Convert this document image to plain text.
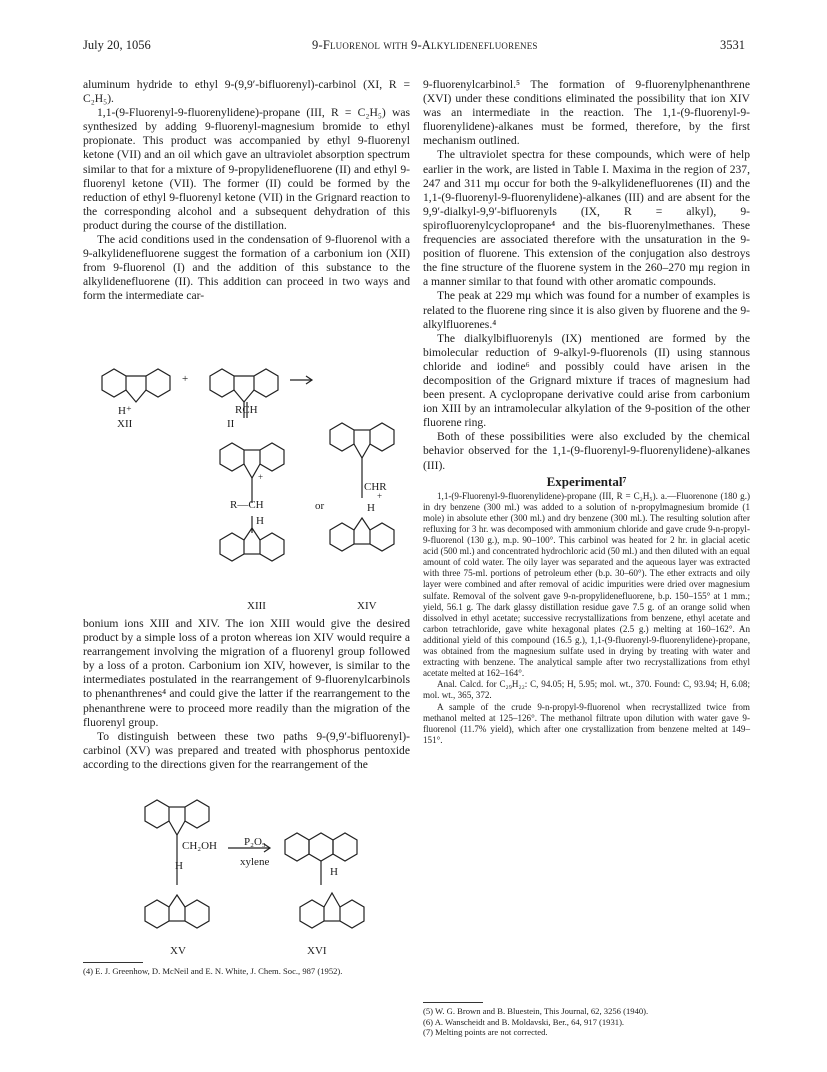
July 20, 1056	9-Fluorenol with 9-Alkylidenefluorenes	3531

aluminum hydride to ethyl 9-(9,9′-bifluorenyl)-carbinol (XI, R = C₂H₅).

1,1-(9-Fluorenyl-9-fluorenylidene)-propane (III, R = C₂H₅) was synthesized by adding 9-fluorenyl-magnesium bromide to ethyl propionate. This product was accompanied by ethyl 9-fluorenyl ketone (VII) and an oil which gave an ultraviolet absorption spectrum similar to that for a mixture of 9-propylidenefluorene (II) and ethyl 9-fluorenyl ketone (VII). The former (II) could be formed by the reduction of ethyl 9-fluorenyl ketone (VII) in the Grignard reaction to the corresponding alcohol and a subsequent dehydration of this product during the course of the distillation.

The acid conditions used in the condensation of 9-fluorenol with a 9-alkylidenefluorene suggest the formation of a carbonium ion (XII) from 9-fluorenol (I) and the addition of this substance to the alkylidenefluorene (II). This addition can proceed in two ways and form the intermediate car-

+
H⁺
XII
RCH
II
+
R—CH
H
or
CHR
+
H
XIII	XIV

bonium ions XIII and XIV. The ion XIII would give the desired product by a simple loss of a proton whereas ion XIV would require a rearrangement involving the migration of a fluorenyl group followed by a loss of a proton. Carbonium ion XIV, however, is similar to the intermediates postulated in the rearrangement of 9-fluorenylcarbinols to phenanthrenes⁴ and could give the latter if the rearrangement to the phenanthrene were to proceed more readily than the migration of the fluorenyl group.

To distinguish between these two paths 9-(9,9′-bifluorenyl)-carbinol (XV) was prepared and treated with phosphorus pentoxide according to the directions given for the rearrangement of the

CH₂OH
H
P₂O₅
xylene
H
XV	XVI
(4) E. J. Greenhow, D. McNeil and E. N. White, J. Chem. Soc., 987 (1952).

9-fluorenylcarbinol.⁵ The formation of 9-fluorenylphenanthrene (XVI) under these conditions eliminated the possibility that ion XIV was an intermediate in the reaction. The 1,1-(9-fluorenyl-9-fluorenylidene)-alkanes must be formed, therefore, by the first mechanism outlined.

The ultraviolet spectra for these compounds, which were of help earlier in the work, are listed in Table I. Maxima in the region of 237, 247 and 311 mμ occur for both the 9-alkylidenefluorenes (II) and the 1,1-(9-fluorenyl-9-fluorenylidene)-alkanes (III) and are absent for the 9,9′-dialkyl-9,9′-bifluorenyls (IX, R = alkyl), 9-spirofluorenylcyclopropane⁴ and the bis-fluorenylmethanes. These frequencies are associated therefore with the unsaturation in the 9-position of fluorene. This extension of the conjugation also destroys the fine structure of the fluorene system in the 260–270 mμ region in a manner similar to that found with other aromatic compounds.

The peak at 229 mμ which was found for a number of examples is related to the fluorene ring since it is also given by fluorene and the 9-alkylfluorenes.⁴

The dialkylbifluorenyls (IX) mentioned are formed by the bimolecular reduction of 9-alkyl-9-fluorenols (II) using stannous chloride and iodine⁶ and possibly could have arisen in the decomposition of the Grignard mixture if traces of magnesium had been present. A cyclopropane derivative could arise from carbonium ion XIII by an intramolecular alkylation of the 9-position of the other fluorene ring.

Both of these possibilities were also excluded by the chemical behavior observed for the 1,1-(9-fluorenyl-9-fluorenylidene)-alkanes (III).

Experimental⁷

1,1-(9-Fluorenyl-9-fluorenylidene)-propane (III, R = C₂H₅). a.—Fluorenone (180 g.) in dry benzene (300 ml.) was added to a solution of n-propylmagnesium bromide (1 mole) in absolute ether (300 ml.) and dry benzene (300 ml.). The resulting solution after refluxing for 3 hr. was decomposed with ammonium chloride and gave crude 9-n-propyl-9-fluorenol (130 g.), m.p. 90–100°. This carbinol was heated for 2 hr. in glacial acetic acid (500 ml.) and concentrated hydrochloric acid (50 ml.) and then diluted with an equal amount of cold water. The oily layer was separated and the aqueous layer was extracted with three 75-ml. portions of petroleum ether (b.p. 30–60°). The ether extracts and oily layer were combined and after removal of acidic impurities were dried over magnesium sulfate. Removal of the solvent gave 9-n-propylidenefluorene, b.p. 150–155° at 1 mm.; yield, 56.1 g. The dark glassy distillation residue gave 7.5 g. of an orange solid when dissolved in ethyl acetate; successive recrystallizations from benzene, ethyl acetate and carbon tetrachloride, gave white hexagonal plates (2.5 g.) melting at 160–162°. An additional yield of this compound (16.5 g.), 1,1-(9-fluorenyl-9-fluorenylidene)-propane, was obtained from the magnesium sulfate used in drying by treating with water and extracting with benzene. The analytical sample after two recrystallizations from ethyl acetate melted at 162–164°.

Anal. Calcd. for C₂₉H₂₂: C, 94.05; H, 5.95; mol. wt., 370. Found: C, 93.94; H, 6.08; mol. wt., 365, 372.

A sample of the crude 9-n-propyl-9-fluorenol when recrystallized twice from methanol melted at 125–126°. The methanol filtrate upon dilution with water gave 9-fluorenol (11.7% yield), which after one crystallization from benzene melted at 149–151°.

(5) W. G. Brown and B. Bluestein, This Journal, 62, 3256 (1940).
(6) A. Wanscheidt and B. Moldavski, Ber., 64, 917 (1931).
(7) Melting points are not corrected.
